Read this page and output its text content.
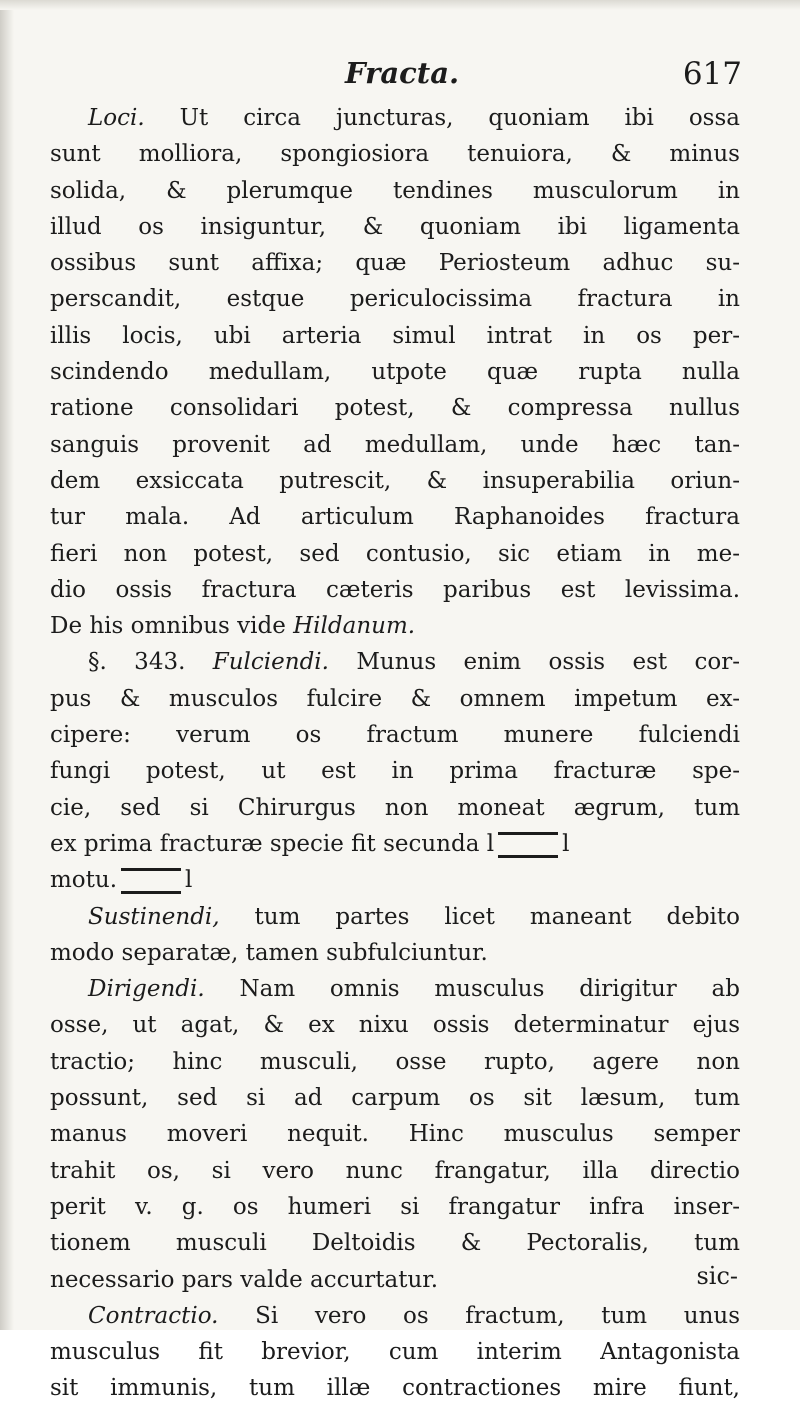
Fracta.	617
Loci. Ut circa juncturas, quoniam ibi ossa
sunt molliora, spongiosiora tenuiora, & minus
solida, & plerumque tendines musculorum in
illud os insiguntur, & quoniam ibi ligamenta
ossibus sunt affixa; quæ Periosteum adhuc su-
perscandit, estque periculocissima fractura in
illis locis, ubi arteria simul intrat in os per-
scindendo medullam, utpote quæ rupta nulla
ratione consolidari potest, & compressa nullus
sanguis provenit ad medullam, unde hæc tan-
dem exsiccata putrescit, & insuperabilia oriun-
tur mala. Ad articulum Raphanoides fractura
fieri non potest, sed contusio, sic etiam in me-
dio ossis fractura cæteris paribus est levissima.
De his omnibus vide Hildanum.
§. 343. Fulciendi. Munus enim ossis est cor-
pus & musculos fulcire & omnem impetum ex-
cipere: verum os fractum munere fulciendi
fungi potest, ut est in prima fracturæ spe-
cie, sed si Chirurgus non moneat ægrum, tum
ex prima fracturæ specie fit secunda l	l
motu.	l
Sustinendi, tum partes licet maneant debito
modo separatæ, tamen subfulciuntur.
Dirigendi. Nam omnis musculus dirigitur ab
osse, ut agat, & ex nixu ossis determinatur ejus
tractio; hinc musculi, osse rupto, agere non
possunt, sed si ad carpum os sit læsum, tum
manus moveri nequit. Hinc musculus semper
trahit os, si vero nunc frangatur, illa directio
perit v. g. os humeri si frangatur infra inser-
tionem musculi Deltoidis & Pectoralis, tum
necessario pars valde accurtatur.
Contractio. Si vero os fractum, tum unus
musculus fit brevior, cum interim Antagonista
sit immunis, tum illæ contractiones mire fiunt,
sic-
